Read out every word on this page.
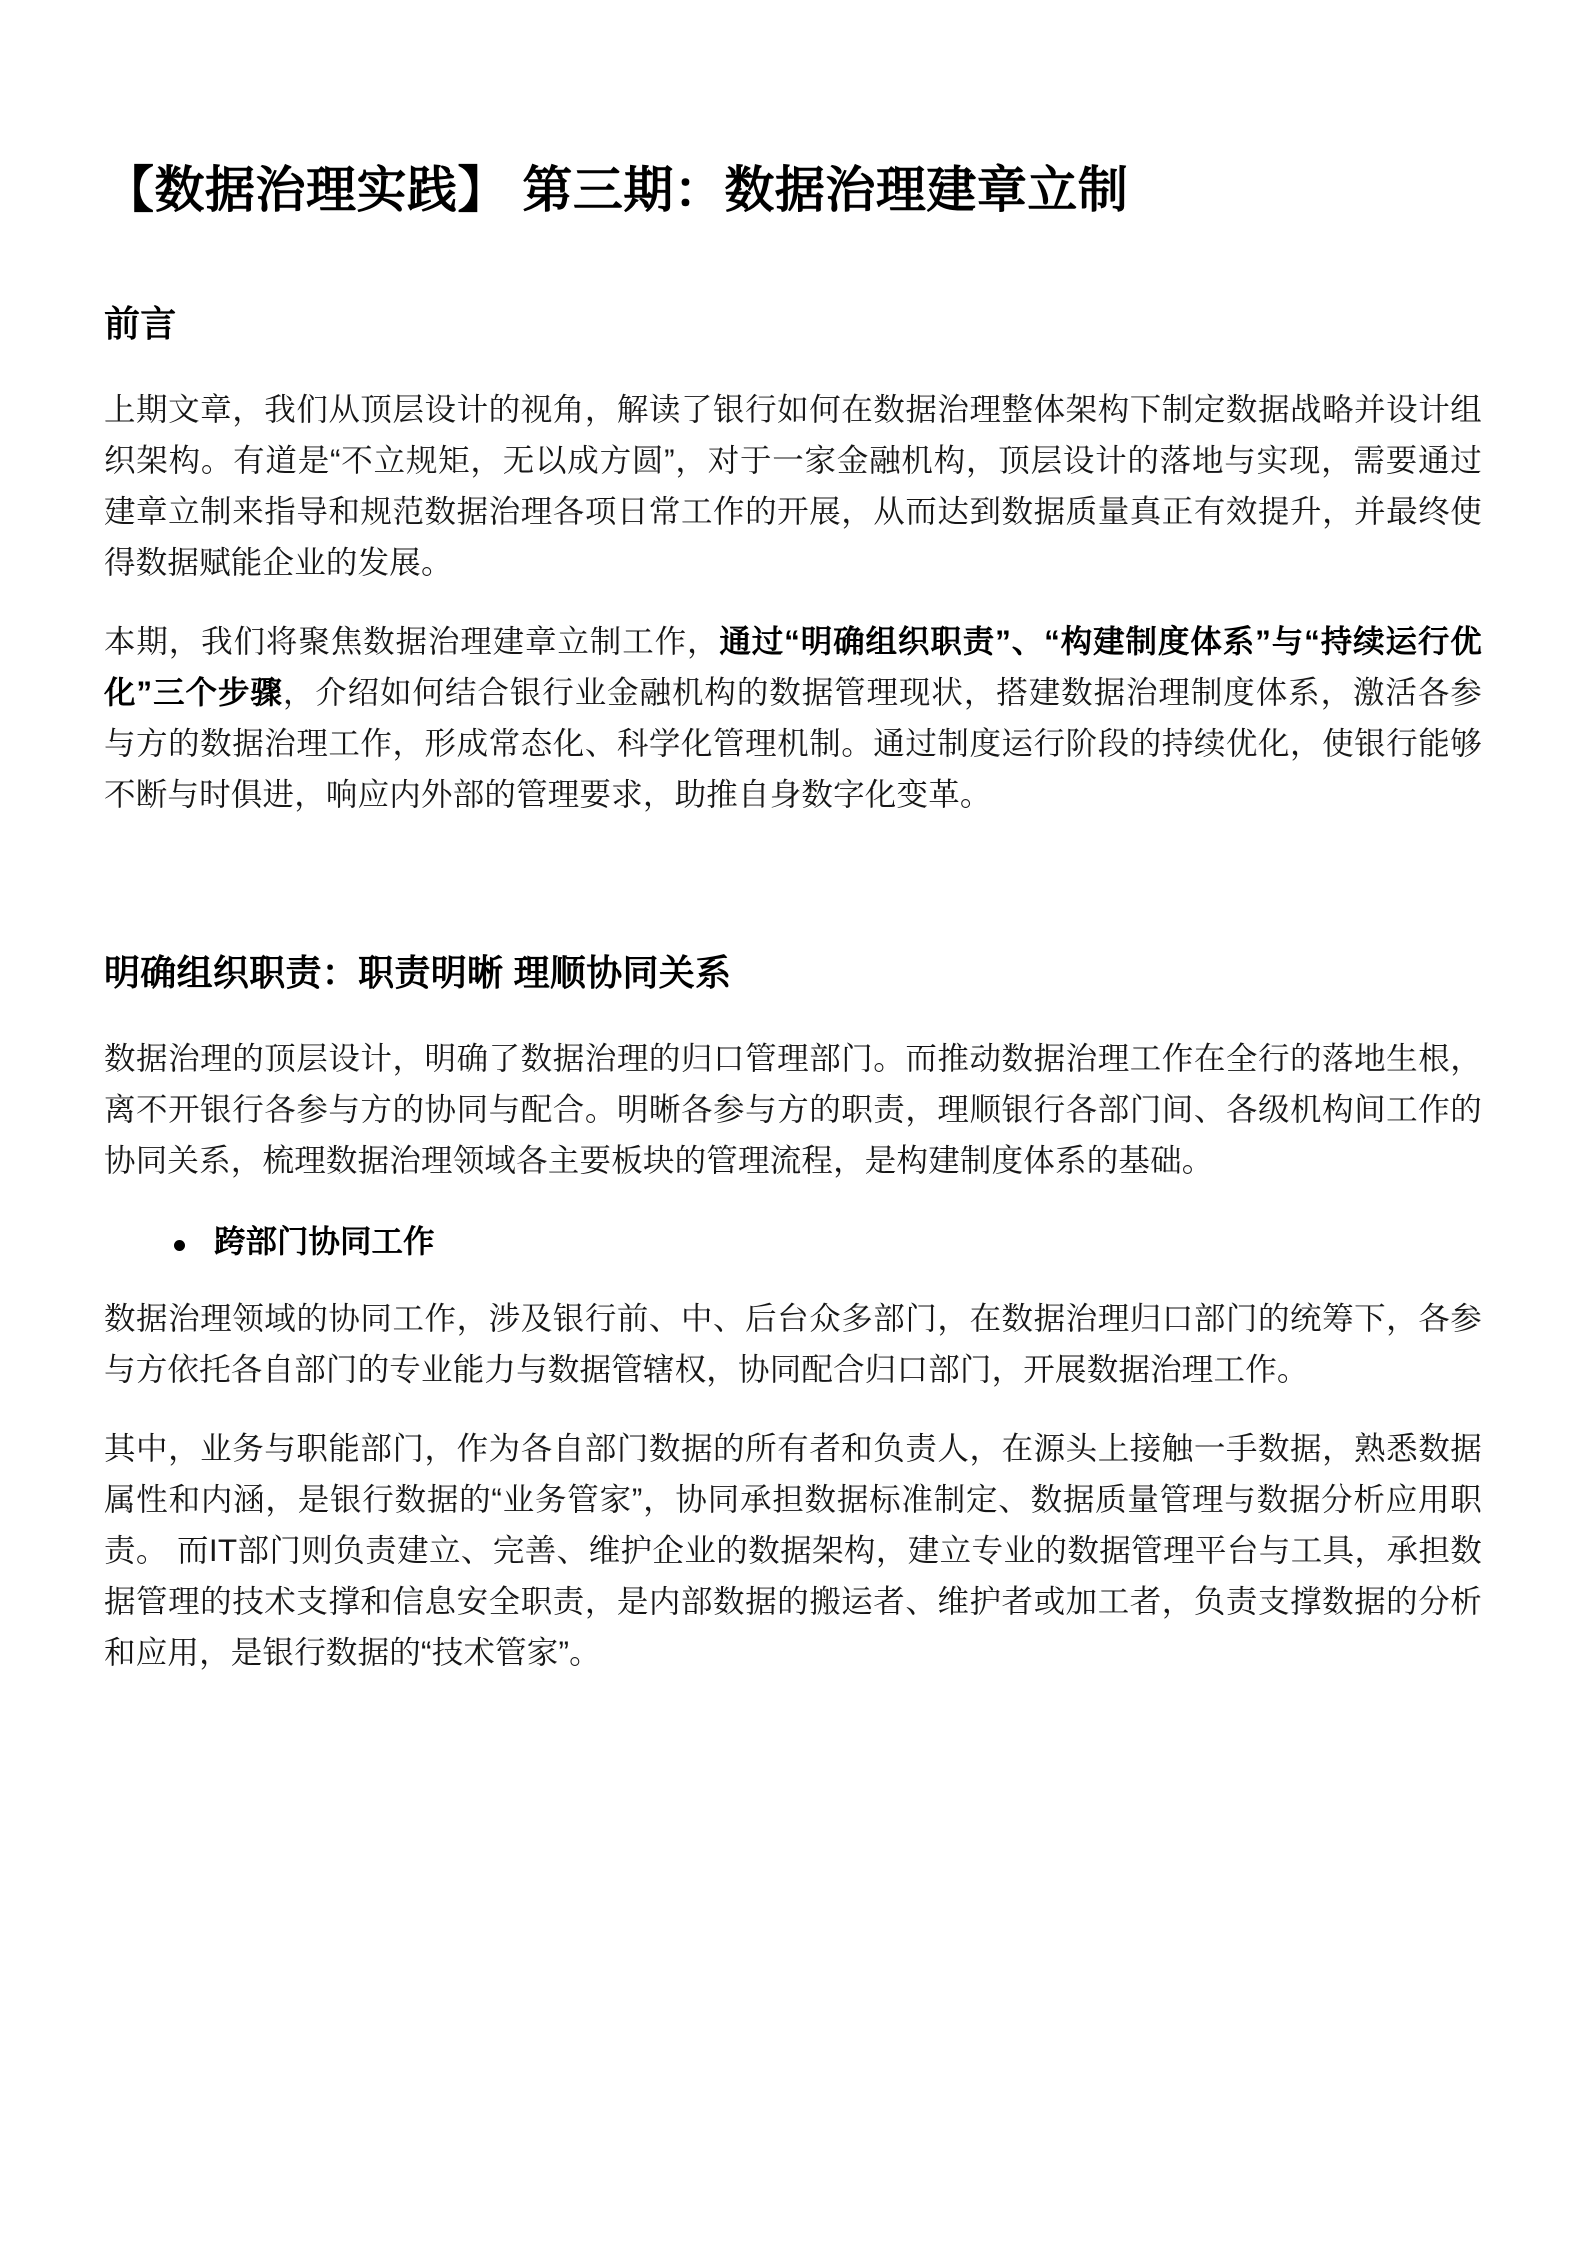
【数据治理实践】 第三期：数据治理建章立制
前言

上期文章，我们从顶层设计的视角，解读了银行如何在数据治理整体架构下制定数据战略并设计组织架构。有道是“不立规矩，无以成方圆”，对于一家金融机构，顶层设计的落地与实现，需要通过建章立制来指导和规范数据治理各项日常工作的开展，从而达到数据质量真正有效提升，并最终使得数据赋能企业的发展。

本期，我们将聚焦数据治理建章立制工作，通过“明确组织职责”、“构建制度体系”与“持续运行优化”三个步骤，介绍如何结合银行业金融机构的数据管理现状，搭建数据治理制度体系，激活各参与方的数据治理工作，形成常态化、科学化管理机制。通过制度运行阶段的持续优化，使银行能够不断与时俱进，响应内外部的管理要求，助推自身数字化变革。

明确组织职责：职责明晰 理顺协同关系

数据治理的顶层设计，明确了数据治理的归口管理部门。而推动数据治理工作在全行的落地生根，离不开银行各参与方的协同与配合。明晰各参与方的职责，理顺银行各部门间、各级机构间工作的协同关系，梳理数据治理领域各主要板块的管理流程，是构建制度体系的基础。

跨部门协同工作

数据治理领域的协同工作，涉及银行前、中、后台众多部门，在数据治理归口部门的统筹下，各参与方依托各自部门的专业能力与数据管辖权，协同配合归口部门，开展数据治理工作。

其中，业务与职能部门，作为各自部门数据的所有者和负责人，在源头上接触一手数据，熟悉数据属性和内涵，是银行数据的“业务管家”，协同承担数据标准制定、数据质量管理与数据分析应用职责。 而IT部门则负责建立、完善、维护企业的数据架构，建立专业的数据管理平台与工具，承担数据管理的技术支撑和信息安全职责，是内部数据的搬运者、维护者或加工者，负责支撑数据的分析和应用，是银行数据的“技术管家”。
